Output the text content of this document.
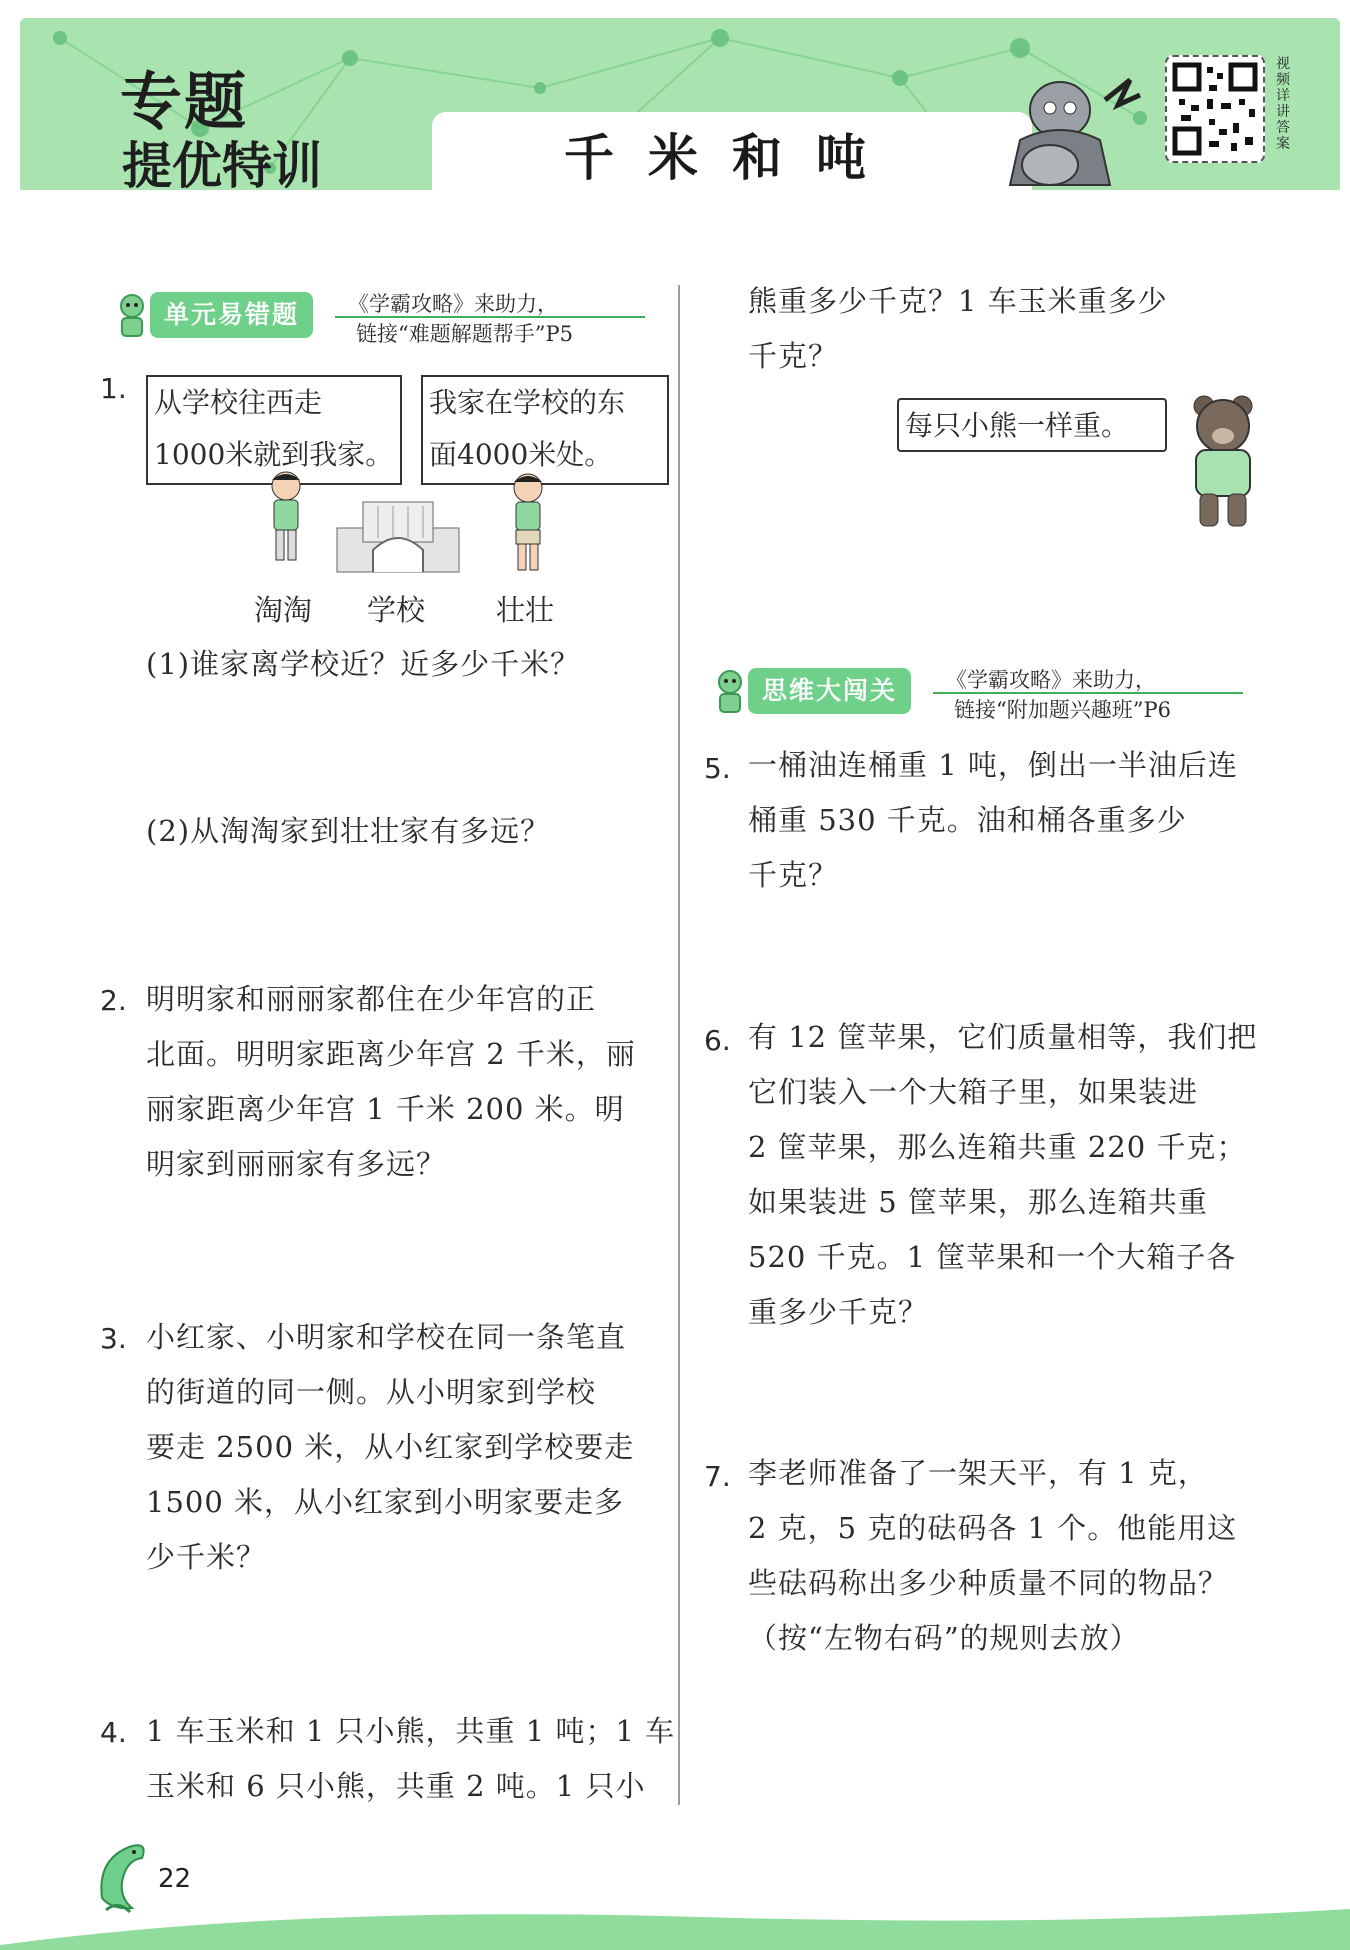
专题
提优特训	千米和吨
视频详讲答案
单元易错题	《学霸攻略》来助力，
链接“难题解题帮手”P5
1. 从学校往西走
1000米就到我家。
我家在学校的东
面4000米处。
淘淘 学校 壮壮
(1)谁家离学校近？近多少千米？
(2)从淘淘家到壮壮家有多远？
2. 明明家和丽丽家都住在少年宫的正
北面。明明家距离少年宫 2 千米，丽
丽家距离少年宫 1 千米 200 米。明
明家到丽丽家有多远？
3. 小红家、小明家和学校在同一条笔直
的街道的同一侧。从小明家到学校
要走 2500 米，从小红家到学校要走
1500 米，从小红家到小明家要走多
少千米？
4. 1 车玉米和 1 只小熊，共重 1 吨；1 车
玉米和 6 只小熊，共重 2 吨。1 只小
熊重多少千克？1 车玉米重多少
千克？
每只小熊一样重。
思维大闯关	《学霸攻略》来助力，
链接“附加题兴趣班”P6
5. 一桶油连桶重 1 吨，倒出一半油后连
桶重 530 千克。油和桶各重多少
千克？
6. 有 12 筐苹果，它们质量相等，我们把
它们装入一个大箱子里，如果装进
2 筐苹果，那么连箱共重 220 千克；
如果装进 5 筐苹果，那么连箱共重
520 千克。1 筐苹果和一个大箱子各
重多少千克？
7. 李老师准备了一架天平，有 1 克，
2 克，5 克的砝码各 1 个。他能用这
些砝码称出多少种质量不同的物品？
（按“左物右码”的规则去放）
22
